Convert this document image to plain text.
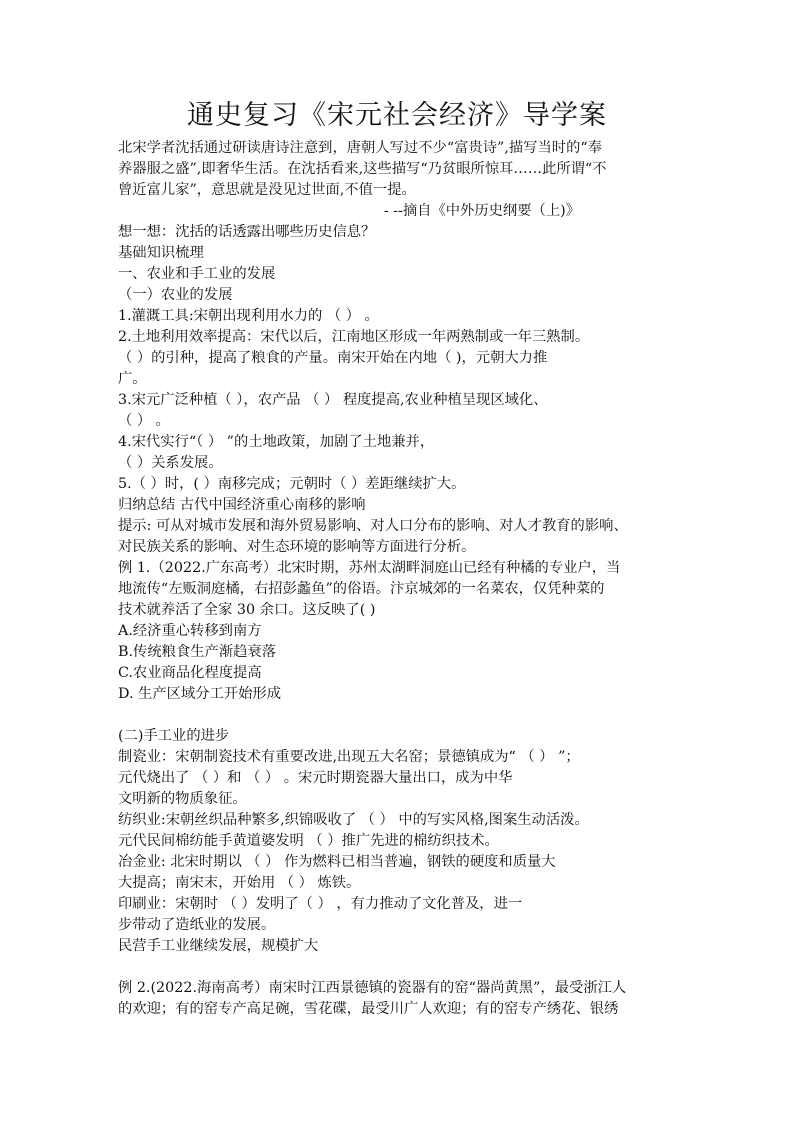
通史复习《宋元社会经济》导学案

北宋学者沈括通过研读唐诗注意到，唐朝人写过不少“富贵诗”,描写当时的“奉

养器服之盛”,即奢华生活。在沈括看来,这些描写“乃贫眼所惊耳……此所谓“不

曾近富儿家”，意思就是没见过世面,不值一提。

- --摘自《中外历史纲要（上)》

想一想：沈括的话透露出哪些历史信息？

基础知识梳理

一、农业和手工业的发展

（一）农业的发展

1.灌溉工具:宋朝出现利用水力的 （ ） 。

2.土地利用效率提高：宋代以后，江南地区形成一年两熟制或一年三熟制。

（ ）的引种，提高了粮食的产量。南宋开始在内地（ )，元朝大力推

广。

3.宋元广泛种植（ ），农产品 （ ） 程度提高,农业种植呈现区域化、

（ ） 。

4.宋代实行“（ ） ”的土地政策，加剧了土地兼并，

（ ）关系发展。

5.（ ）时，( ）南移完成；元朝时（ ）差距继续扩大。

归纳总结 古代中国经济重心南移的影响

提示: 可从对城市发展和海外贸易影响、对人口分布的影响、对人才教育的影响、

对民族关系的影响、对生态环境的影响等方面进行分析。

例 1.（2022.广东高考）北宋时期，苏州太湖畔洞庭山已经有种橘的专业户，当

地流传“左贩洞庭橘，右招彭蠡鱼”的俗语。汴京城郊的一名菜农，仅凭种菜的

技术就养活了全家 30 余口。这反映了( )

A.经济重心转移到南方

B.传统粮食生产渐趋衰落

C.农业商品化程度提高

D. 生产区域分工开始形成

(二)手工业的进步

制瓷业：宋朝制瓷技术有重要改进,出现五大名窑；景德镇成为“ （ ） ”；

元代烧出了 （ ）和 （ ） 。宋元时期瓷器大量出口，成为中华

文明新的物质象征。

纺织业:宋朝丝织品种繁多,织锦吸收了 （ ） 中的写实风格,图案生动活泼。

元代民间棉纺能手黄道婆发明 （ ）推广先进的棉纺织技术。

冶金业: 北宋时期以 （ ） 作为燃料已相当普遍，钢铁的硬度和质量大

大提高；南宋末，开始用 （ ） 炼铁。

印刷业：宋朝时 （ ）发明了（ ） ，有力推动了文化普及，进一

步带动了造纸业的发展。

民营手工业继续发展，规模扩大

例 2.(2022.海南高考）南宋时江西景德镇的瓷器有的窑“器尚黄黑”，最受浙江人

的欢迎；有的窑专产高足碗，雪花碟，最受川广人欢迎；有的窑专产绣花、银绣
